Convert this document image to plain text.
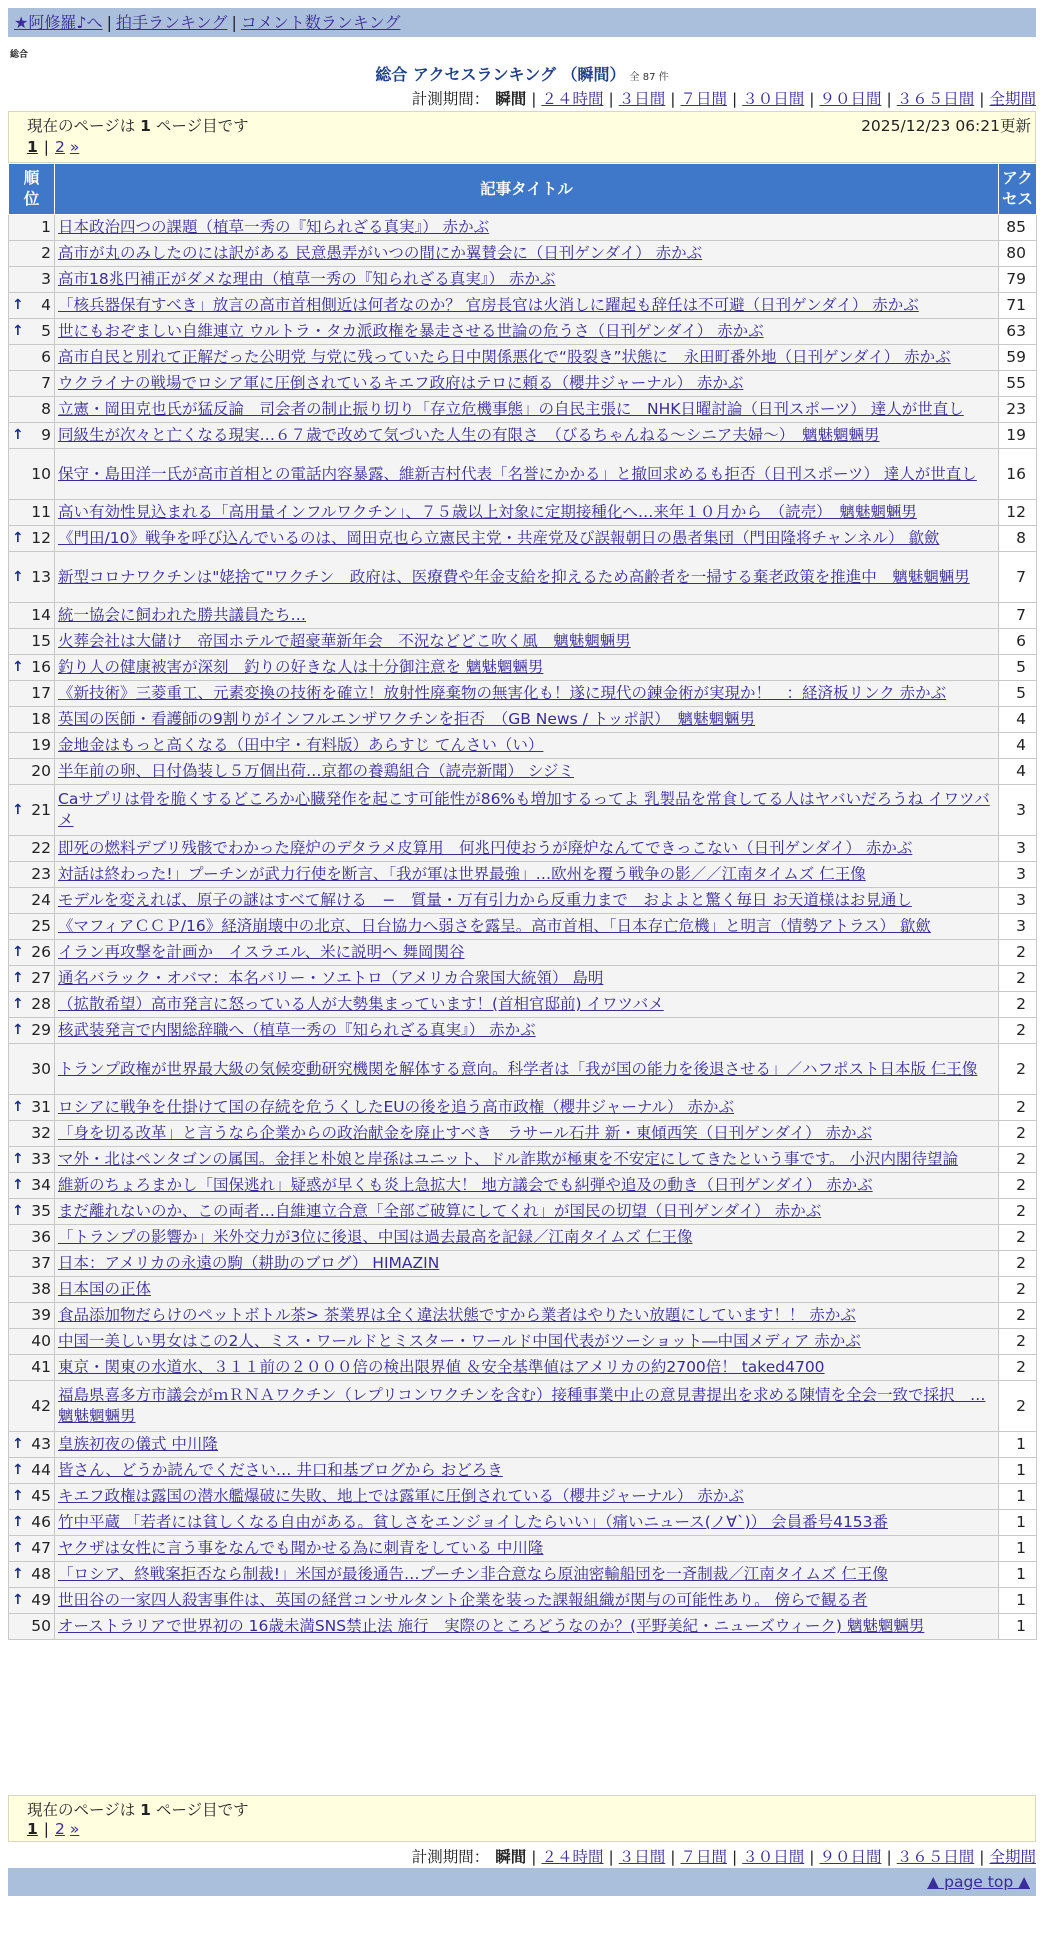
★阿修羅♪へ | 拍手ランキング | コメント数ランキング
総合
総合 アクセスランキング （瞬間） 全 87 件
計測期間： 瞬間 | ２４時間 | ３日間 | ７日間 | ３０日間 | ９０日間 | ３６５日間 | 全期間
現在のページは 1 ページ目です	2025/12/23 06:21更新
1 | 2 »
順位	記事タイトル	アクセス
1	日本政治四つの課題（植草一秀の『知られざる真実』） 赤かぶ	85
2	高市が丸のみしたのには訳がある 民意愚弄がいつの間にか翼賛会に（日刊ゲンダイ） 赤かぶ	80
3	高市18兆円補正がダメな理由（植草一秀の『知られざる真実』） 赤かぶ	79

↑ 4	「核兵器保有すべき」放言の高市首相側近は何者なのか？ 官房長官は火消しに躍起も辞任は不可避（日刊ゲンダイ） 赤かぶ	71

↑ 5	世にもおぞましい自維連立 ウルトラ・タカ派政権を暴走させる世論の危うさ（日刊ゲンダイ） 赤かぶ	63
6	高市自民と別れて正解だった公明党 与党に残っていたら日中関係悪化で“股裂き”状態に　永田町番外地（日刊ゲンダイ） 赤かぶ	59
7	ウクライナの戦場でロシア軍に圧倒されているキエフ政府はテロに頼る（櫻井ジャーナル） 赤かぶ	55
8	立憲・岡田克也氏が猛反論　司会者の制止振り切り「存立危機事態」の自民主張に　NHK日曜討論（日刊スポーツ） 達人が世直し	23

↑ 9	同級生が次々と亡くなる現実…６７歳で改めて気づいた人生の有限さ　（びるちゃんねる〜シニア夫婦〜）　魑魅魍魎男	19
10	保守・島田洋一氏が高市首相との電話内容暴露、維新吉村代表「名誉にかかる」と撤回求めるも拒否（日刊スポーツ） 達人が世直し	16
11	高い有効性見込まれる「高用量インフルワクチン」、７５歳以上対象に定期接種化へ…来年１０月から　（読売）　魑魅魍魎男	12

↑ 12	《門田/10》戦争を呼び込んでいるのは、岡田克也ら立憲民主党・共産党及び誤報朝日の愚者集団（門田隆将チャンネル） 歙歛	8

↑ 13	新型コロナワクチンは"姥捨て"ワクチン　政府は、医療費や年金支給を抑えるため高齢者を一掃する棄老政策を推進中　魑魅魍魎男	7
14	統一協会に飼われた勝共議員たち…	7
15	火葬会社は大儲け　帝国ホテルで超豪華新年会　不況などどこ吹く風　魑魅魍魎男	6

↑ 16	釣り人の健康被害が深刻　釣りの好きな人は十分御注意を 魑魅魍魎男	5
17	《新技術》三菱重工、元素変換の技術を確立！放射性廃棄物の無害化も！遂に現代の錬金術が実現か！　：経済板リンク 赤かぶ	5
18	英国の医師・看護師の9割りがインフルエンザワクチンを拒否　（GB News / トッポ訳）　魑魅魍魎男	4
19	金地金はもっと高くなる（田中宇・有料版）あらすじ てんさい（い）	4
20	半年前の卵、日付偽装し５万個出荷…京都の養鶏組合（読売新聞） シジミ	4

↑ 21	Caサプリは骨を脆くするどころか心臓発作を起こす可能性が86%も増加するってよ 乳製品を常食してる人はヤバいだろうね イワツバメ	3
22	即死の燃料デブリ残骸でわかった廃炉のデタラメ皮算用　何兆円使おうが廃炉なんてできっこない（日刊ゲンダイ） 赤かぶ	3
23	対話は終わった!」プーチンが武力行使を断言、「我が軍は世界最強」…欧州を覆う戦争の影／／江南タイムズ 仁王像	3
24	モデルを変えれば、原子の謎はすべて解ける　−　質量・万有引力から反重力まで　およよと驚く毎日 お天道様はお見通し	3
25	《マフィアＣＣＰ/16》経済崩壊中の北京、日台協力へ弱さを露呈。高市首相、「日本存亡危機」と明言（情勢アトラス） 歙歛	3

↑ 26	イラン再攻撃を計画か　イスラエル、米に説明へ 舞岡関谷	2

↑ 27	通名バラック・オバマ：本名バリー・ソエトロ（アメリカ合衆国大統領） 島明	2

↑ 28	（拡散希望）高市発言に怒っている人が大勢集まっています！(首相官邸前) イワツバメ	2

↑ 29	核武装発言で内閣総辞職へ（植草一秀の『知られざる真実』） 赤かぶ	2
30	トランプ政権が世界最大級の気候変動研究機関を解体する意向。科学者は「我が国の能力を後退させる」／ハフポスト日本版 仁王像	2

↑ 31	ロシアに戦争を仕掛けて国の存続を危うくしたEUの後を追う高市政権（櫻井ジャーナル） 赤かぶ	2
32	「身を切る改革」と言うなら企業からの政治献金を廃止すべき　ラサール石井 新・東傾西笑（日刊ゲンダイ） 赤かぶ	2

↑ 33	マ外・北はペンタゴンの属国。金拝と朴娘と岸孫はユニット、ドル詐欺が極東を不安定にしてきたという事です。 小沢内閣待望論	2

↑ 34	維新のちょろまかし「国保逃れ」疑惑が早くも炎上急拡大！ 地方議会でも糾弾や追及の動き（日刊ゲンダイ） 赤かぶ	2

↑ 35	まだ離れないのか、この両者…自維連立合意「全部ご破算にしてくれ」が国民の切望（日刊ゲンダイ） 赤かぶ	2
36	「トランプの影響か」米外交力が3位に後退、中国は過去最高を記録／江南タイムズ 仁王像	2
37	日本：アメリカの永遠の駒（耕助のブログ） HIMAZIN	2
38	日本国の正体	2
39	食品添加物だらけのペットボトル茶> 茶業界は全く違法状態ですから業者はやりたい放題にしています！！ 赤かぶ	2
40	中国一美しい男女はこの2人、ミス・ワールドとミスター・ワールド中国代表がツーショット―中国メディア 赤かぶ	2
41	東京・関東の水道水、３１１前の２０００倍の検出限界値 ＆安全基準値はアメリカの約2700倍！ taked4700	2
42	福島県喜多方市議会がｍＲＮＡワクチン（レプリコンワクチンを含む）接種事業中止の意見書提出を求める陳情を全会一致で採択　… 魑魅魍魎男	2

↑ 43	皇族初夜の儀式 中川隆	1

↑ 44	皆さん、どうか読んでください… 井口和基ブログから おどろき	1

↑ 45	キエフ政権は露国の潜水艦爆破に失敗、地上では露軍に圧倒されている（櫻井ジャーナル） 赤かぶ	1

↑ 46	竹中平蔵 「若者には貧しくなる自由がある。貧しさをエンジョイしたらいい」（痛いニュース(ノ∀`)） 会員番号4153番	1

↑ 47	ヤクザは女性に言う事をなんでも聞かせる為に刺青をしている 中川隆	1

↑ 48	「ロシア、終戦案拒否なら制裁!」米国が最後通告…プーチン非合意なら原油密輸船団を一斉制裁／江南タイムズ 仁王像	1

↑ 49	世田谷の一家四人殺害事件は、英国の経営コンサルタント企業を装った課報組織が関与の可能性あり。 傍らで観る者	1
50	オーストラリアで世界初の 16歳未満SNS禁止法 施行　実際のところどうなのか？(平野美紀・ニューズウィーク) 魑魅魍魎男	1
現在のページは 1 ページ目です
1 | 2 »
計測期間： 瞬間 | ２４時間 | ３日間 | ７日間 | ３０日間 | ９０日間 | ３６５日間 | 全期間
▲ page top ▲
